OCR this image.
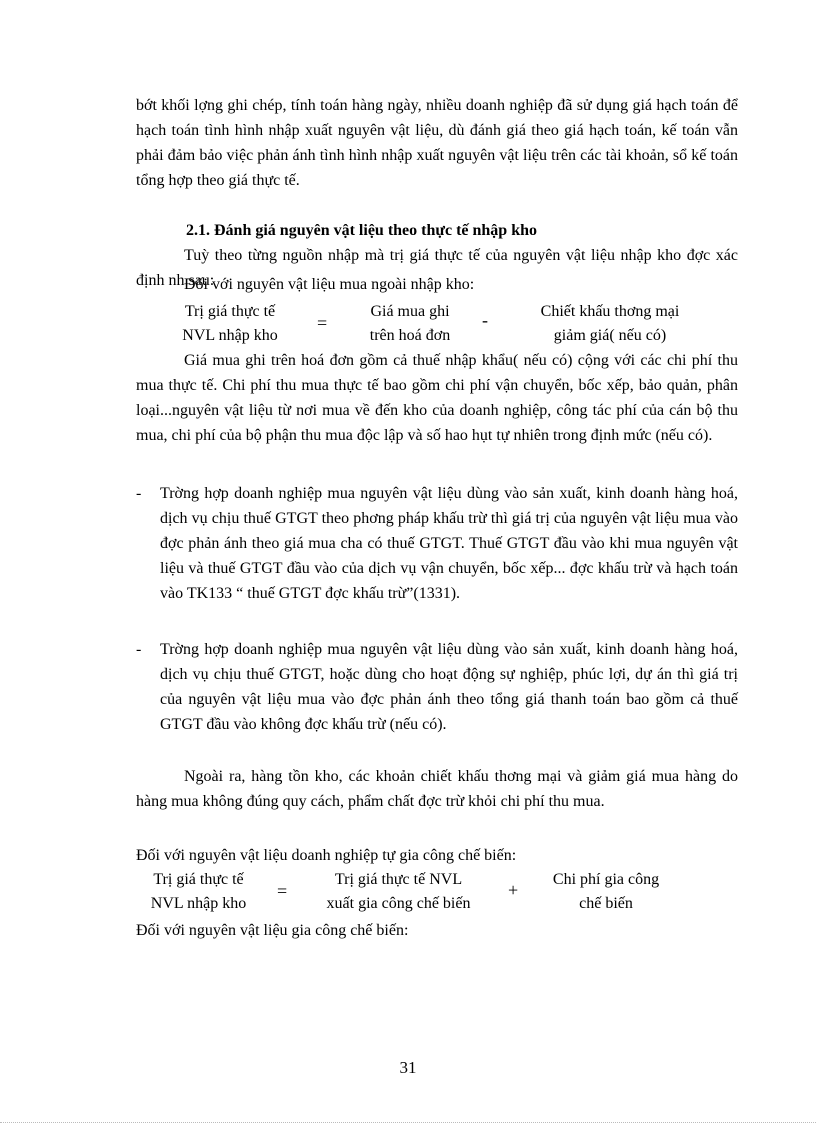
bớt khối lợng ghi chép, tính toán hàng ngày, nhiều doanh nghiệp đã sử dụng giá hạch toán để hạch toán tình hình nhập xuất nguyên vật liệu, dù đánh giá theo giá hạch toán, kế toán vẫn phải đảm bảo việc phản ánh tình hình nhập xuất nguyên vật liệu trên các tài khoản, sổ kế toán tổng hợp theo giá thực tế.
2.1. Đánh giá nguyên vật liệu theo thực tế nhập kho
Tuỳ theo từng nguồn nhập mà trị giá thực tế của nguyên vật liệu nhập kho đợc xác định nh sau:
Đối với nguyên vật liệu mua ngoài nhập kho:
Trị giá thực tế
NVL nhập kho
=
Giá mua ghi
trên hoá đơn
-	Chiết khấu thơng mại
giảm giá( nếu có)
Giá mua ghi trên hoá đơn gồm cả thuế nhập khẩu( nếu có) cộng với các chi phí thu mua thực tế. Chi phí thu mua thực tế bao gồm chi phí vận chuyển, bốc xếp, bảo quản, phân loại...nguyên vật liệu từ nơi mua về đến kho của doanh nghiệp, công tác phí của cán bộ thu mua, chi phí của bộ phận thu mua độc lập và số hao hụt tự nhiên trong định mức (nếu có).
- Trờng hợp doanh nghiệp mua nguyên vật liệu dùng vào sản xuất, kinh doanh hàng hoá, dịch vụ chịu thuế GTGT theo phơng pháp khấu trừ thì giá trị của nguyên vật liệu mua vào đợc phản ánh theo giá mua cha có thuế GTGT. Thuế GTGT đầu vào khi mua nguyên vật liệu và thuế GTGT đầu vào của dịch vụ vận chuyển, bốc xếp... đợc khấu trừ và hạch toán vào TK133 “ thuế GTGT đợc khấu trừ”(1331).
- Trờng hợp doanh nghiệp mua nguyên vật liệu dùng vào sản xuất, kinh doanh hàng hoá, dịch vụ chịu thuế GTGT, hoặc dùng cho hoạt động sự nghiệp, phúc lợi, dự án thì giá trị của nguyên vật liệu mua vào đợc phản ánh theo tổng giá thanh toán bao gồm cả thuế GTGT đầu vào không đợc khấu trừ (nếu có).
Ngoài ra, hàng tồn kho, các khoản chiết khấu thơng mại và giảm giá mua hàng do hàng mua không đúng quy cách, phẩm chất đợc trừ khỏi chi phí thu mua.
Đối với nguyên vật liệu doanh nghiệp tự gia công chế biến:
Trị giá thực tế
NVL nhập kho
=
Trị giá thực tế NVL
xuất gia công chế biến
+
Chi phí gia công
chế biến
Đối với nguyên vật liệu gia công chế biến:
31
